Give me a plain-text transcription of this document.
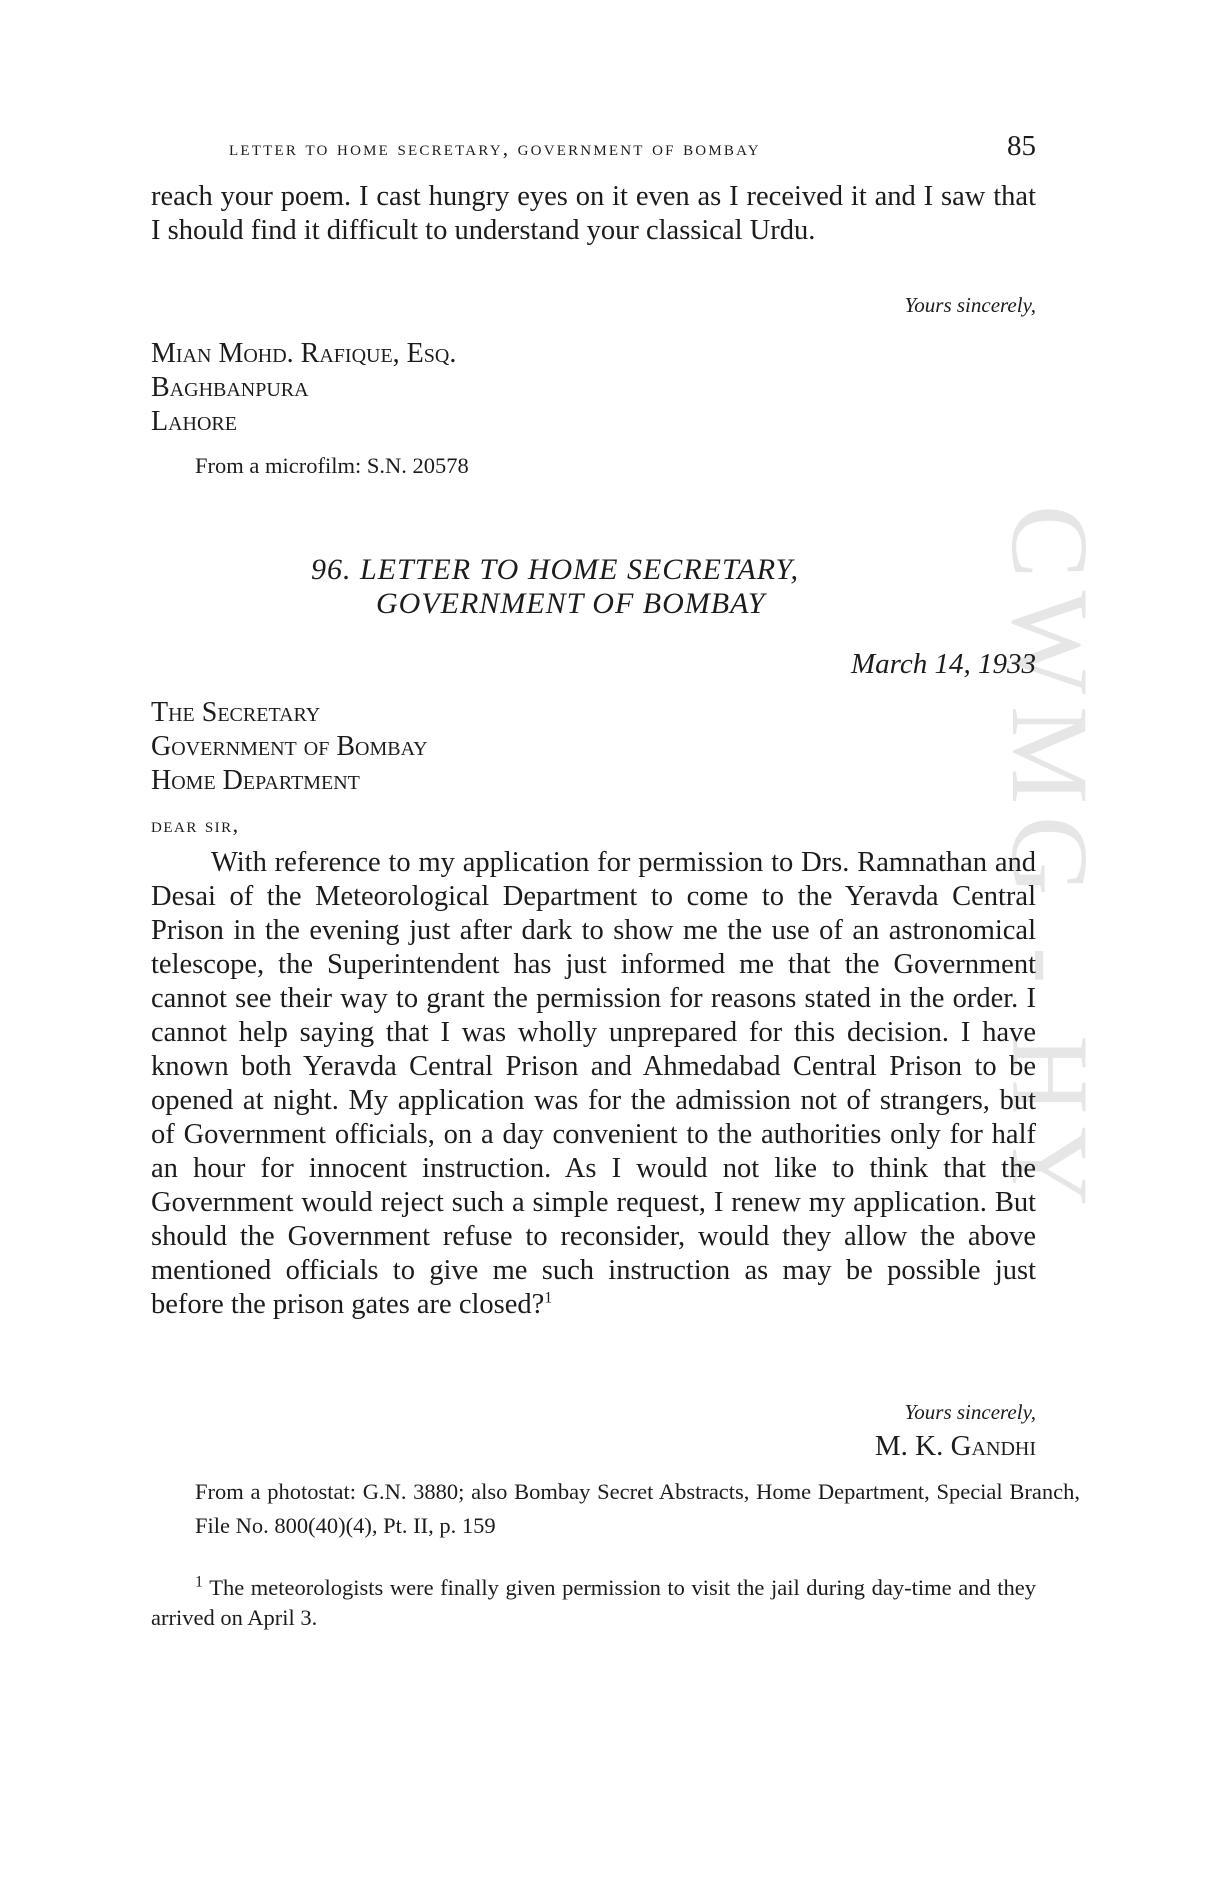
CWMG - HY
letter to home secretary, government of bombay	85

reach your poem. I cast hungry eyes on it even as I received it and I saw that I should find it difficult to understand your classical Urdu.

Yours sincerely,
Mian Mohd. Rafique, Esq.
Baghbanpura
Lahore
From a microfilm: S.N. 20578
96. LETTER TO HOME SECRETARY,
GOVERNMENT OF BOMBAY
March 14, 1933
The Secretary
Government of Bombay
Home Department
dear sir,

With reference to my application for permission to Drs. Ramnathan and Desai of the Meteorological Department to come to the Yeravda Central Prison in the evening just after dark to show me the use of an astronomical telescope, the Superintendent has just informed me that the Government cannot see their way to grant the permission for reasons stated in the order. I cannot help saying that I was wholly unprepared for this decision. I have known both Yeravda Central Prison and Ahmedabad Central Prison to be opened at night. My application was for the admission not of strangers, but of Government officials, on a day convenient to the authorities only for half an hour for innocent instruction. As I would not like to think that the Government would reject such a simple request, I renew my application. But should the Government refuse to reconsider, would they allow the above mentioned officials to give me such instruction as may be possible just before the prison gates are closed?$^1$

Yours sincerely,
M. K. Gandhi
From a photostat: G.N. 3880; also Bombay Secret Abstracts, Home Department, Special Branch, File No. 800(40)(4), Pt. II, p. 159
$^1$ The meteorologists were finally given permission to visit the jail during day-time and they arrived on April 3.
